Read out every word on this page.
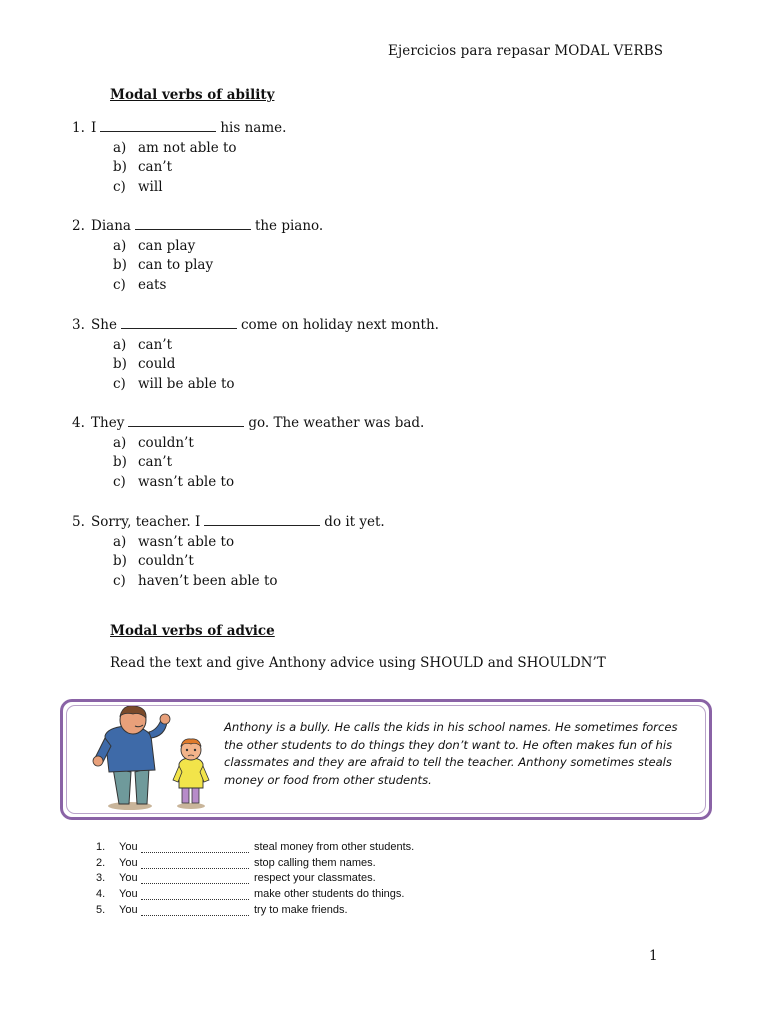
Ejercicios para repasar MODAL VERBS
Modal verbs of ability
1. I	his name.
a) am not able to
b) can’t
c) will
2. Diana	the piano.
a) can play
b) can to play
c) eats
3. She	come on holiday next month.
a) can’t
b) could
c) will be able to
4. They	go. The weather was bad.
a) couldn’t
b) can’t
c) wasn’t able to
5. Sorry, teacher. I	do it yet.
a) wasn’t able to
b) couldn’t
c) haven’t been able to
Modal verbs of advice
Read the text and give Anthony advice using SHOULD and SHOULDN’T
Anthony is a bully. He calls the kids in his school names. He sometimes forces the other students to do things they don’t want to. He often makes fun of his classmates and they are afraid to tell the teacher. Anthony sometimes steals money or food from other students.
1. You	steal money from other students.
2. You	stop calling them names.
3. You	respect your classmates.
4. You	make other students do things.
5. You	try to make friends.
1
